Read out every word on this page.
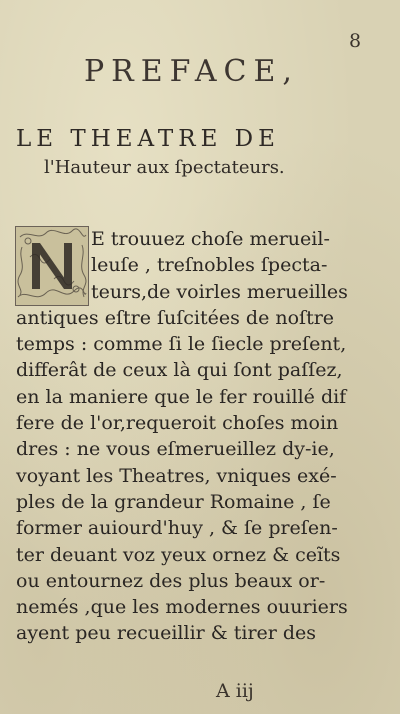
8
PREFACE,
LE THEATRE DE
l'Hauteur aux ſpectateurs.
E trouuez choſe merueil-
leuſe , treſnobles ſpecta-
teurs,de voirles merueilles
antiques eſtre ſuſcitées de noſtre
temps : comme ſi le ſiecle preſent,
differât de ceux là qui ſont paſſez,
en la maniere que le fer rouillé dif
fere de l'or,requeroit choſes moin
dres : ne vous eſmerueillez dy-ie,
voyant les Theatres, vniques exé-
ples de la grandeur Romaine , ſe
former auiourd'huy , & ſe preſen-
ter deuant voz yeux ornez & ceĩts
ou entournez des plus beaux or-
nemés ,que les modernes ouuriers
ayent peu recueillir & tirer des
A iij
